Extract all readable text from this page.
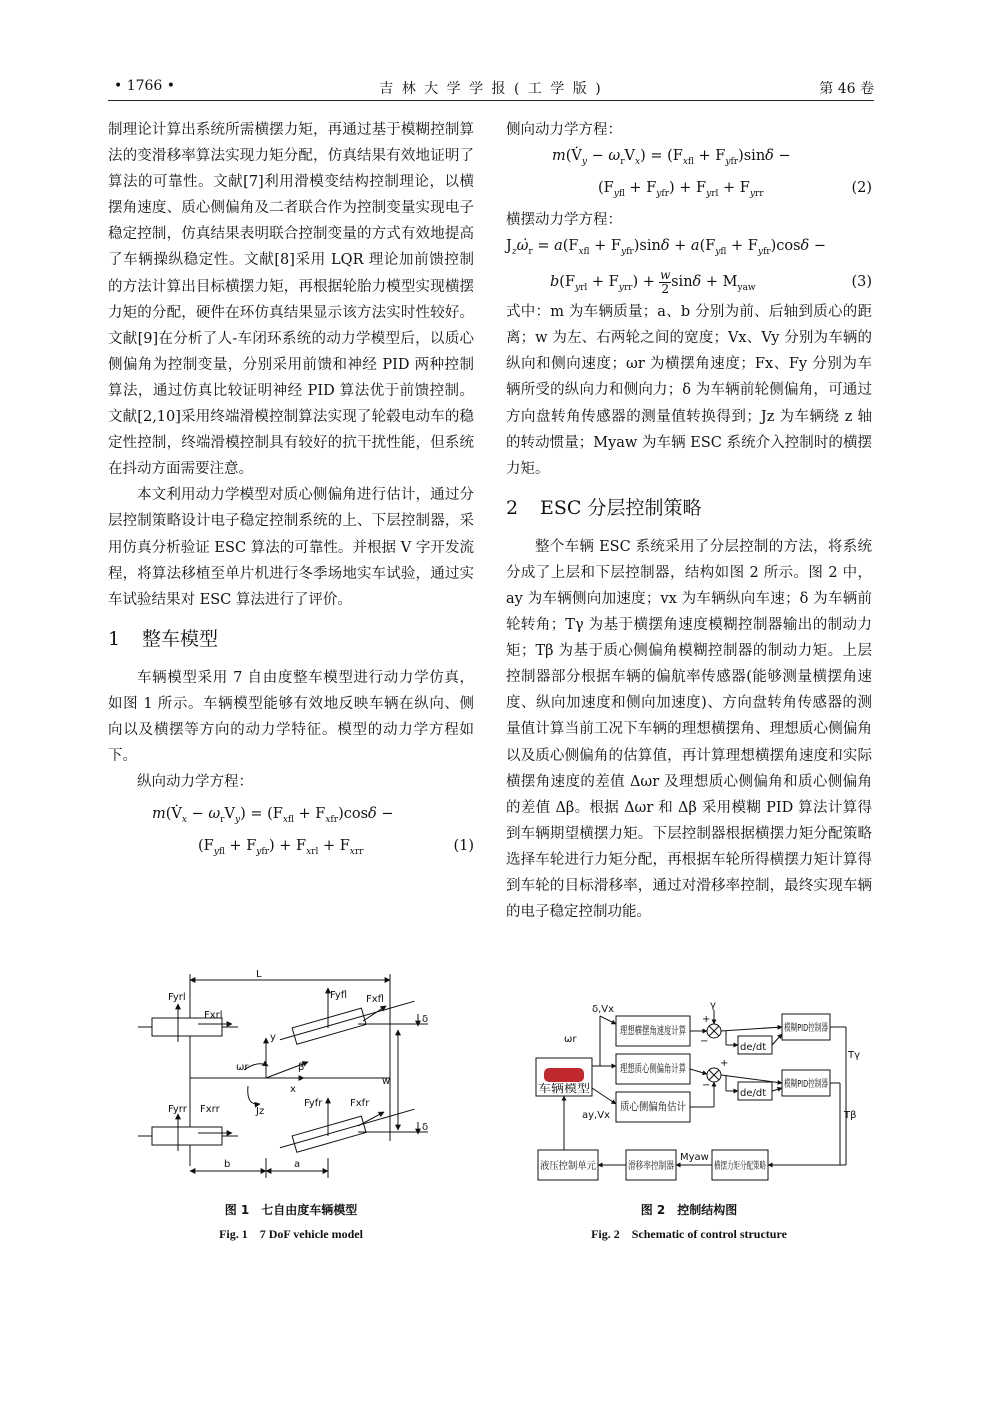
• 1766 •	吉 林 大 学 学 报 ( 工 学 版 )	第 46 卷

制理论计算出系统所需横摆力矩，再通过基于模糊控制算法的变滑移率算法实现力矩分配，仿真结果有效地证明了算法的可靠性。文献[7]利用滑模变结构控制理论，以横摆角速度、质心侧偏角及二者联合作为控制变量实现电子稳定控制，仿真结果表明联合控制变量的方式有效地提高了车辆操纵稳定性。文献[8]采用 LQR 理论加前馈控制的方法计算出目标横摆力矩，再根据轮胎力模型实现横摆力矩的分配，硬件在环仿真结果显示该方法实时性较好。文献[9]在分析了人-车闭环系统的动力学模型后，以质心侧偏角为控制变量，分别采用前馈和神经 PID 两种控制算法，通过仿真比较证明神经 PID 算法优于前馈控制。文献[2,10]采用终端滑模控制算法实现了轮毂电动车的稳定性控制，终端滑模控制具有较好的抗干扰性能，但系统在抖动方面需要注意。

本文利用动力学模型对质心侧偏角进行估计，通过分层控制策略设计电子稳定控制系统的上、下层控制器，采用仿真分析验证 ESC 算法的可靠性。并根据 V 字开发流程，将算法移植至单片机进行冬季场地实车试验，通过实车试验结果对 ESC 算法进行了评价。

1 整车模型

车辆模型采用 7 自由度整车模型进行动力学仿真，如图 1 所示。车辆模型能够有效地反映车辆在纵向、侧向以及横摆等方向的动力学特征。模型的动力学方程如下。

纵向动力学方程：

$m(V̇_x - \omega_rV_y) = (F_{xfl} + F_{xfr})\cos\delta$ −
$(F_{yfl} + F_{yfr}) + F_{xrl} + F_{xrr}$	(1)

侧向动力学方程：

$m(V̇_y - \omega_rV_x) = (F_{xfl} + F_{yfr})\sin\delta$ −
$(F_{yfl} + F_{yfr}) + F_{yrl} + F_{yrr}$	(2)

横摆动力学方程：

$J_z\omegȧ_r = a(F_{xfl} + F_{yfr})\sin\delta + a(F_{yfl} + F_{yfr})\cos\delta$ −
$b(F_{yrl} + F_{yrr}) + \frac{w}{2}\sin\delta + M_{yaw}$	(3)

式中：m 为车辆质量；a、b 分别为前、后轴到质心的距离；w 为左、右两轮之间的宽度；Vx、Vy 分别为车辆的纵向和侧向速度；ωr 为横摆角速度；Fx、Fy 分别为车辆所受的纵向力和侧向力；δ 为车辆前轮侧偏角，可通过方向盘转角传感器的测量值转换得到；Jz 为车辆绕 z 轴的转动惯量；Myaw 为车辆 ESC 系统介入控制时的横摆力矩。

2 ESC 分层控制策略

整个车辆 ESC 系统采用了分层控制的方法，将系统分成了上层和下层控制器，结构如图 2 所示。图 2 中，ay 为车辆侧向加速度；vx 为车辆纵向车速；δ 为车辆前轮转角；Tγ 为基于横摆角速度模糊控制器输出的制动力矩；Tβ 为基于质心侧偏角模糊控制器的制动力矩。上层控制器部分根据车辆的偏航率传感器(能够测量横摆角速度、纵向加速度和侧向加速度)、方向盘转角传感器的测量值计算当前工况下车辆的理想横摆角、理想质心侧偏角以及质心侧偏角的估算值，再计算理想横摆角速度和实际横摆角速度的差值 Δωr 及理想质心侧偏角和质心侧偏角的差值 Δβ。根据 Δωr 和 Δβ 采用模糊 PID 算法计算得到车辆期望横摆力矩。下层控制器根据横摆力矩分配策略选择车轮进行力矩分配，再根据车轮所得横摆力矩计算得到车轮的目标滑移率，通过对滑移率控制，最终实现车辆的电子稳定控制功能。

L
Fyrl
Fxrl
Fyfl Fxfl
δ
y
ωr	β
x
w
Jz
Fyrr Fxrr
Fyfr	Fxfr
δ
b	a
图 1　七自由度车辆模型
Fig. 1　7 DoF vehicle model
γ
δ,Vx
ωr
ay,Vx
理想横摆角速度计算
理想质心侧偏角计算
质心侧偏角估计
车辆模型
de/dt
de/dt
模糊PID控制器
模糊PID控制器
Tγ
Tβ
横摆力矩分配策略
滑移率控制器
液压控制单元
Myaw
+
−
+
−
图 2　控制结构图
Fig. 2　Schematic of control structure
